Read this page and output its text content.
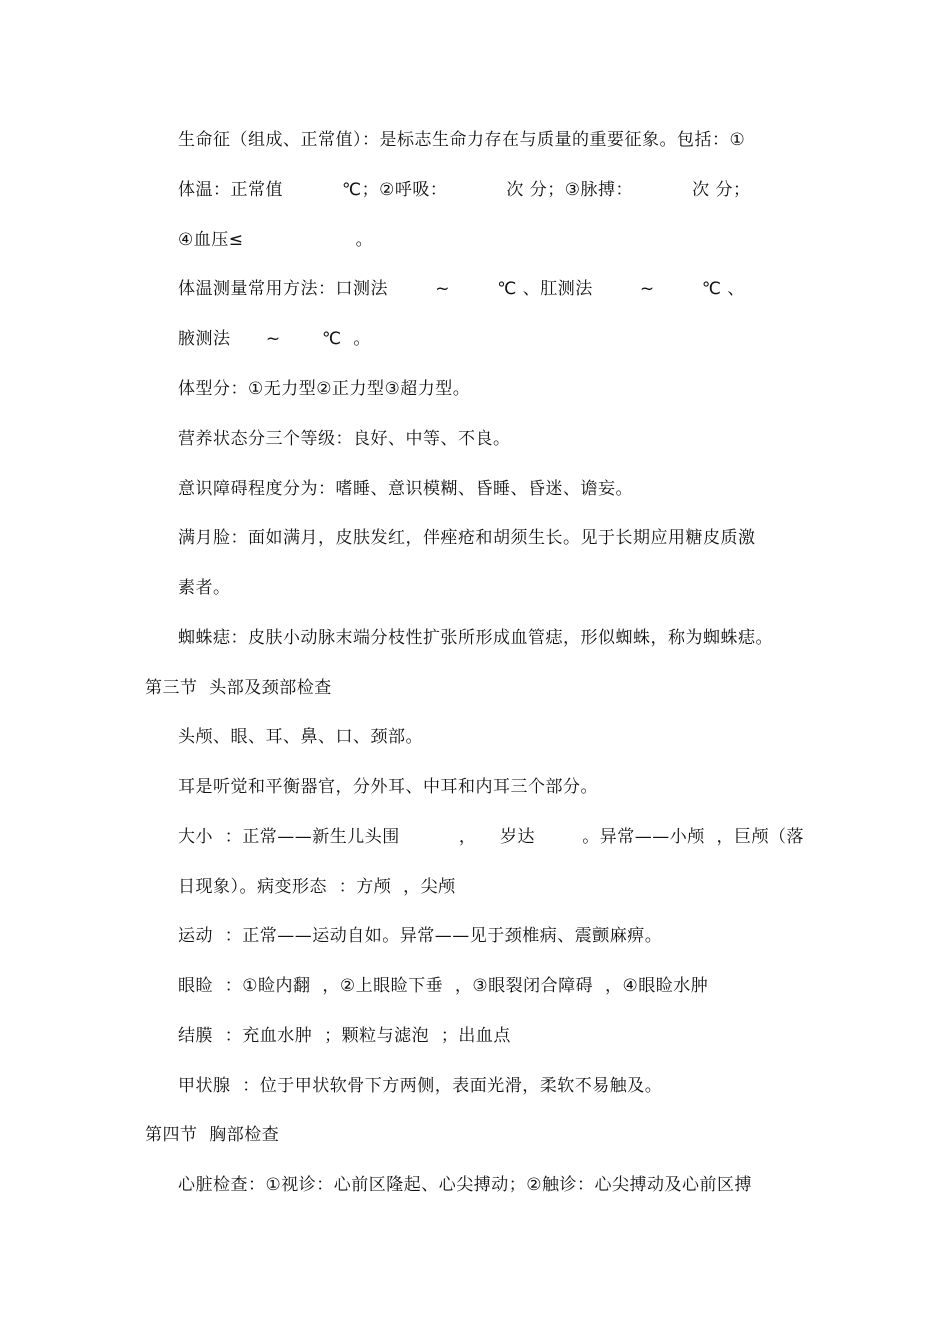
生命征（组成、正常值）：是标志生命力存在与质量的重要征象。包括：①
体温：正常值          ℃；②呼吸：          次 分；③脉搏：          次 分；
④血压≤                   。
体温测量常用方法：口测法        ~        ℃ 、肛测法        ~        ℃ 、
腋测法      ~       ℃  。
体型分：①无力型②正力型③超力型。
营养状态分三个等级：良好、中等、不良。
意识障碍程度分为：嗜睡、意识模糊、昏睡、昏迷、谵妄。
满月脸：面如满月，皮肤发红，伴痤疮和胡须生长。见于长期应用糖皮质激
素者。
蜘蛛痣：皮肤小动脉末端分枝性扩张所形成血管痣，形似蜘蛛，称为蜘蛛痣。
第三节  头部及颈部检查
头颅、眼、耳、鼻、口、颈部。
耳是听觉和平衡器官，分外耳、中耳和内耳三个部分。
大小  ：正常——新生儿头围          ，    岁达        。异常——小颅  ，巨颅（落
日现象）。病变形态  ：方颅  ，尖颅
运动  ：正常——运动自如。异常——见于颈椎病、震颤麻痹。
眼睑  ：①睑内翻  ，②上眼睑下垂  ，③眼裂闭合障碍  ，④眼睑水肿
结膜  ：充血水肿  ；颗粒与滤泡  ；出血点
甲状腺  ：位于甲状软骨下方两侧，表面光滑，柔软不易触及。
第四节  胸部检查
心脏检查：①视诊：心前区隆起、心尖搏动；②触诊：心尖搏动及心前区搏
